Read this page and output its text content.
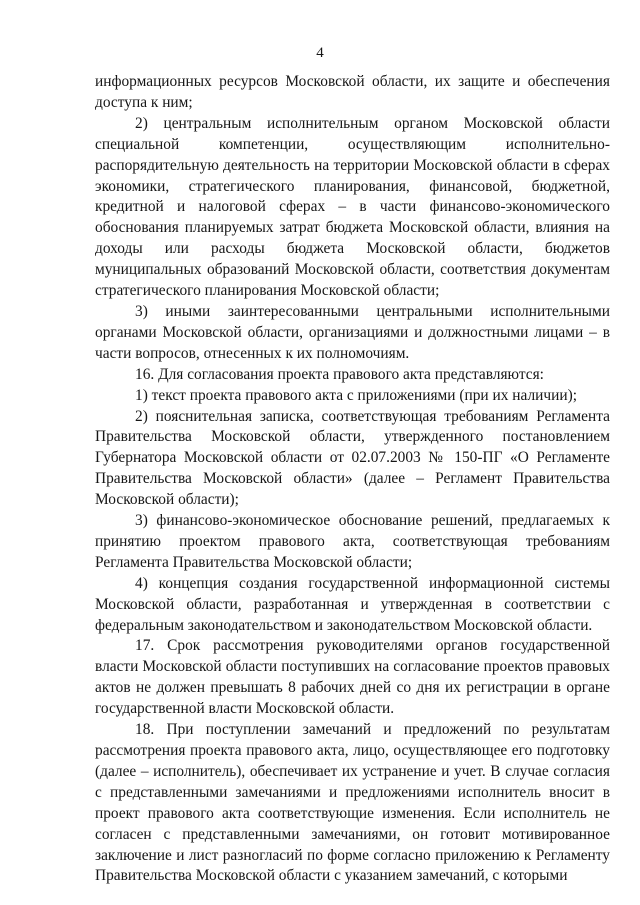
4

информационных ресурсов Московской области, их защите и обеспечения доступа к ним;

2) центральным исполнительным органом Московской области специальной компетенции, осуществляющим исполнительно-распорядительную деятельность на территории Московской области в сферах экономики, стратегического планирования, финансовой, бюджетной, кредитной и налоговой сферах – в части финансово-экономического обоснования планируемых затрат бюджета Московской области, влияния на доходы или расходы бюджета Московской области, бюджетов муниципальных образований Московской области, соответствия документам стратегического планирования Московской области;

3) иными заинтересованными центральными исполнительными органами Московской области, организациями и должностными лицами – в части вопросов, отнесенных к их полномочиям.

16. Для согласования проекта правового акта представляются:

1) текст проекта правового акта с приложениями (при их наличии);

2) пояснительная записка, соответствующая требованиям Регламента Правительства Московской области, утвержденного постановлением Губернатора Московской области от 02.07.2003 № 150-ПГ «О Регламенте Правительства Московской области» (далее – Регламент Правительства Московской области);

3) финансово-экономическое обоснование решений, предлагаемых к принятию проектом правового акта, соответствующая требованиям Регламента Правительства Московской области;

4) концепция создания государственной информационной системы Московской области, разработанная и утвержденная в соответствии с федеральным законодательством и законодательством Московской области.

17. Срок рассмотрения руководителями органов государственной власти Московской области поступивших на согласование проектов правовых актов не должен превышать 8 рабочих дней со дня их регистрации в органе государственной власти Московской области.

18. При поступлении замечаний и предложений по результатам рассмотрения проекта правового акта, лицо, осуществляющее его подготовку (далее – исполнитель), обеспечивает их устранение и учет. В случае согласия с представленными замечаниями и предложениями исполнитель вносит в проект правового акта соответствующие изменения. Если исполнитель не согласен с представленными замечаниями, он готовит мотивированное заключение и лист разногласий по форме согласно приложению к Регламенту Правительства Московской области с указанием замечаний, с которыми
